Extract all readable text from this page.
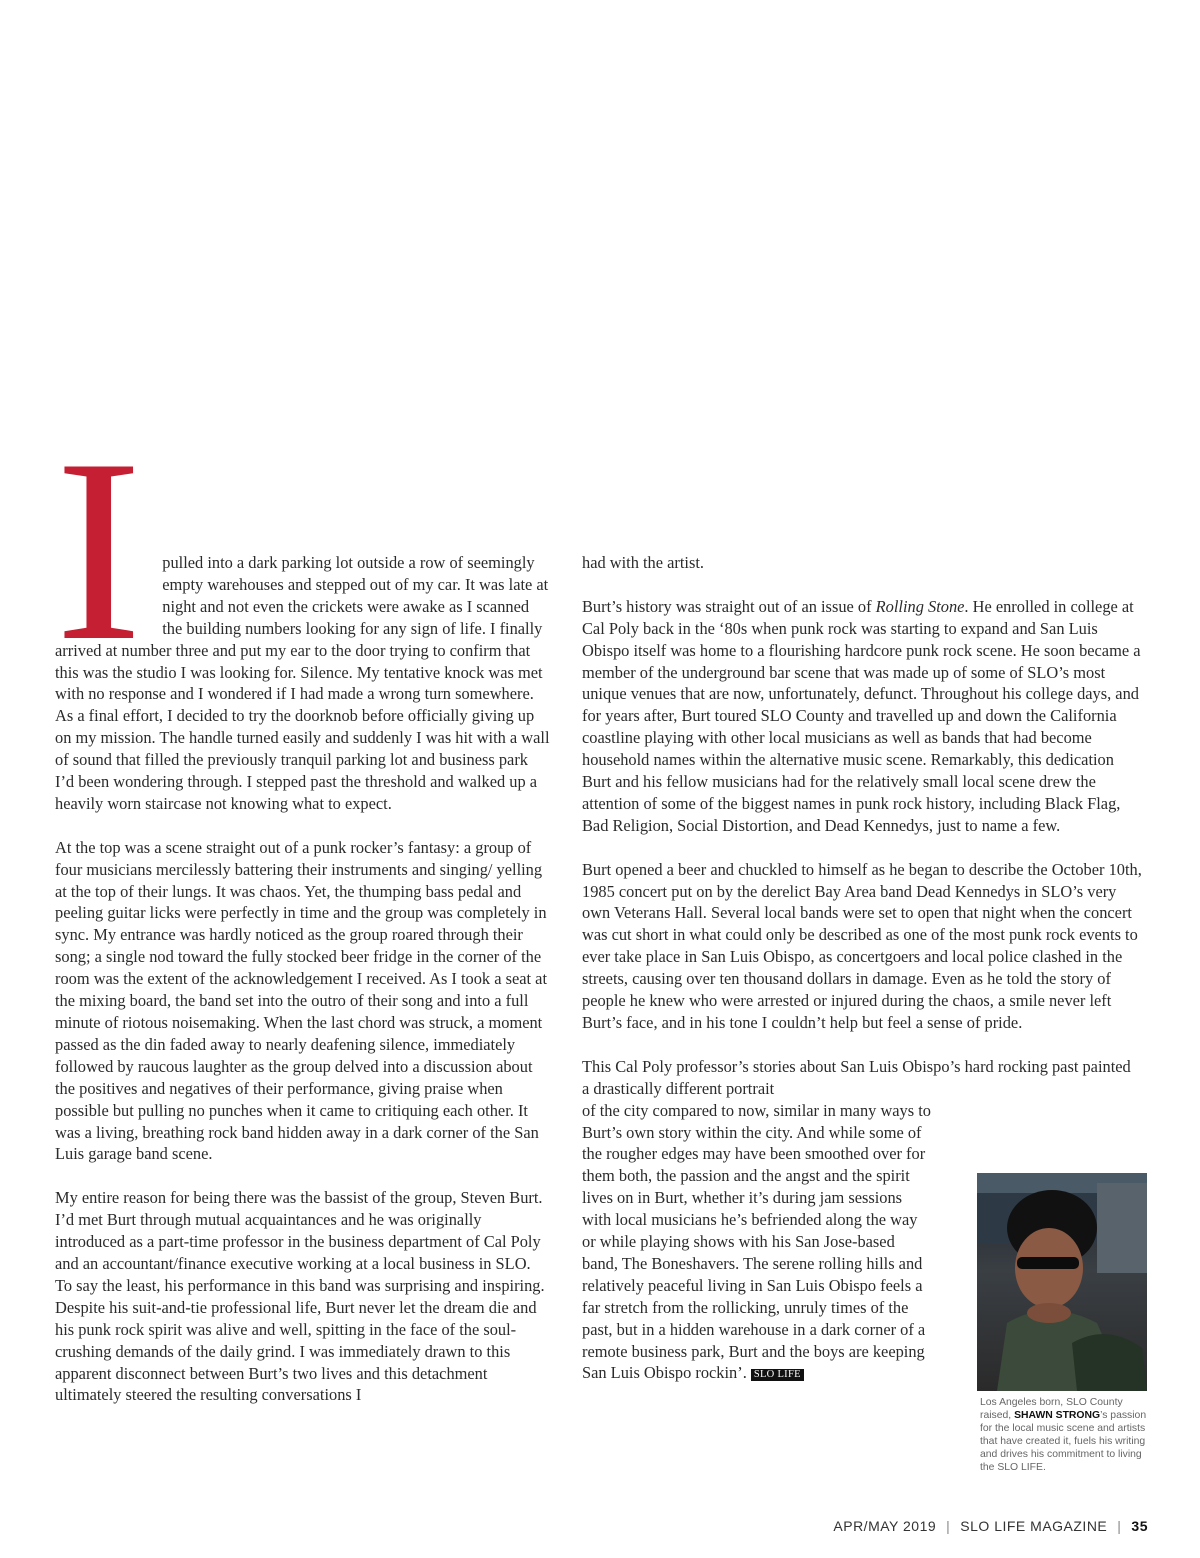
I pulled into a dark parking lot outside a row of seemingly empty warehouses and stepped out of my car. It was late at night and not even the crickets were awake as I scanned the building numbers looking for any sign of life. I finally arrived at number three and put my ear to the door trying to confirm that this was the studio I was looking for. Silence. My tentative knock was met with no response and I wondered if I had made a wrong turn somewhere. As a final effort, I decided to try the doorknob before officially giving up on my mission. The handle turned easily and suddenly I was hit with a wall of sound that filled the previously tranquil parking lot and business park I’d been wondering through. I stepped past the threshold and walked up a heavily worn staircase not knowing what to expect.

At the top was a scene straight out of a punk rocker’s fantasy: a group of four musicians mercilessly battering their instruments and singing/ yelling at the top of their lungs. It was chaos. Yet, the thumping bass pedal and peeling guitar licks were perfectly in time and the group was completely in sync. My entrance was hardly noticed as the group roared through their song; a single nod toward the fully stocked beer fridge in the corner of the room was the extent of the acknowledgement I received. As I took a seat at the mixing board, the band set into the outro of their song and into a full minute of riotous noisemaking. When the last chord was struck, a moment passed as the din faded away to nearly deafening silence, immediately followed by raucous laughter as the group delved into a discussion about the positives and negatives of their performance, giving praise when possible but pulling no punches when it came to critiquing each other. It was a living, breathing rock band hidden away in a dark corner of the San Luis garage band scene.

My entire reason for being there was the bassist of the group, Steven Burt. I’d met Burt through mutual acquaintances and he was originally introduced as a part-time professor in the business department of Cal Poly and an accountant/finance executive working at a local business in SLO. To say the least, his performance in this band was surprising and inspiring. Despite his suit-and-tie professional life, Burt never let the dream die and his punk rock spirit was alive and well, spitting in the face of the soul-crushing demands of the daily grind. I was immediately drawn to this apparent disconnect between Burt’s two lives and this detachment ultimately steered the resulting conversations I

had with the artist.

Burt’s history was straight out of an issue of Rolling Stone. He enrolled in college at Cal Poly back in the ‘80s when punk rock was starting to expand and San Luis Obispo itself was home to a flourishing hardcore punk rock scene. He soon became a member of the underground bar scene that was made up of some of SLO’s most unique venues that are now, unfortunately, defunct. Throughout his college days, and for years after, Burt toured SLO County and travelled up and down the California coastline playing with other local musicians as well as bands that had become household names within the alternative music scene. Remarkably, this dedication Burt and his fellow musicians had for the relatively small local scene drew the attention of some of the biggest names in punk rock history, including Black Flag, Bad Religion, Social Distortion, and Dead Kennedys, just to name a few.

Burt opened a beer and chuckled to himself as he began to describe the October 10th, 1985 concert put on by the derelict Bay Area band Dead Kennedys in SLO’s very own Veterans Hall. Several local bands were set to open that night when the concert was cut short in what could only be described as one of the most punk rock events to ever take place in San Luis Obispo, as concertgoers and local police clashed in the streets, causing over ten thousand dollars in damage. Even as he told the story of people he knew who were arrested or injured during the chaos, a smile never left Burt’s face, and in his tone I couldn’t help but feel a sense of pride.

This Cal Poly professor’s stories about San Luis Obispo’s hard rocking past painted a drastically different portrait

of the city compared to now, similar in many ways to Burt’s own story within the city. And while some of the rougher edges may have been smoothed over for them both, the passion and the angst and the spirit lives on in Burt, whether it’s during jam sessions with local musicians he’s befriended along the way or while playing shows with his San Jose-based band, The Boneshavers. The serene rolling hills and relatively peaceful living in San Luis Obispo feels a far stretch from the rollicking, unruly times of the past, but in a hidden warehouse in a dark corner of a remote business park, Burt and the boys are keeping San Luis Obispo rockin’. SLO LIFE

Los Angeles born, SLO County raised, SHAWN STRONG’s passion for the local music scene and artists that have created it, fuels his writing and drives his commitment to living the SLO LIFE.
APR/MAY 2019 | SLO LIFE MAGAZINE | 35
